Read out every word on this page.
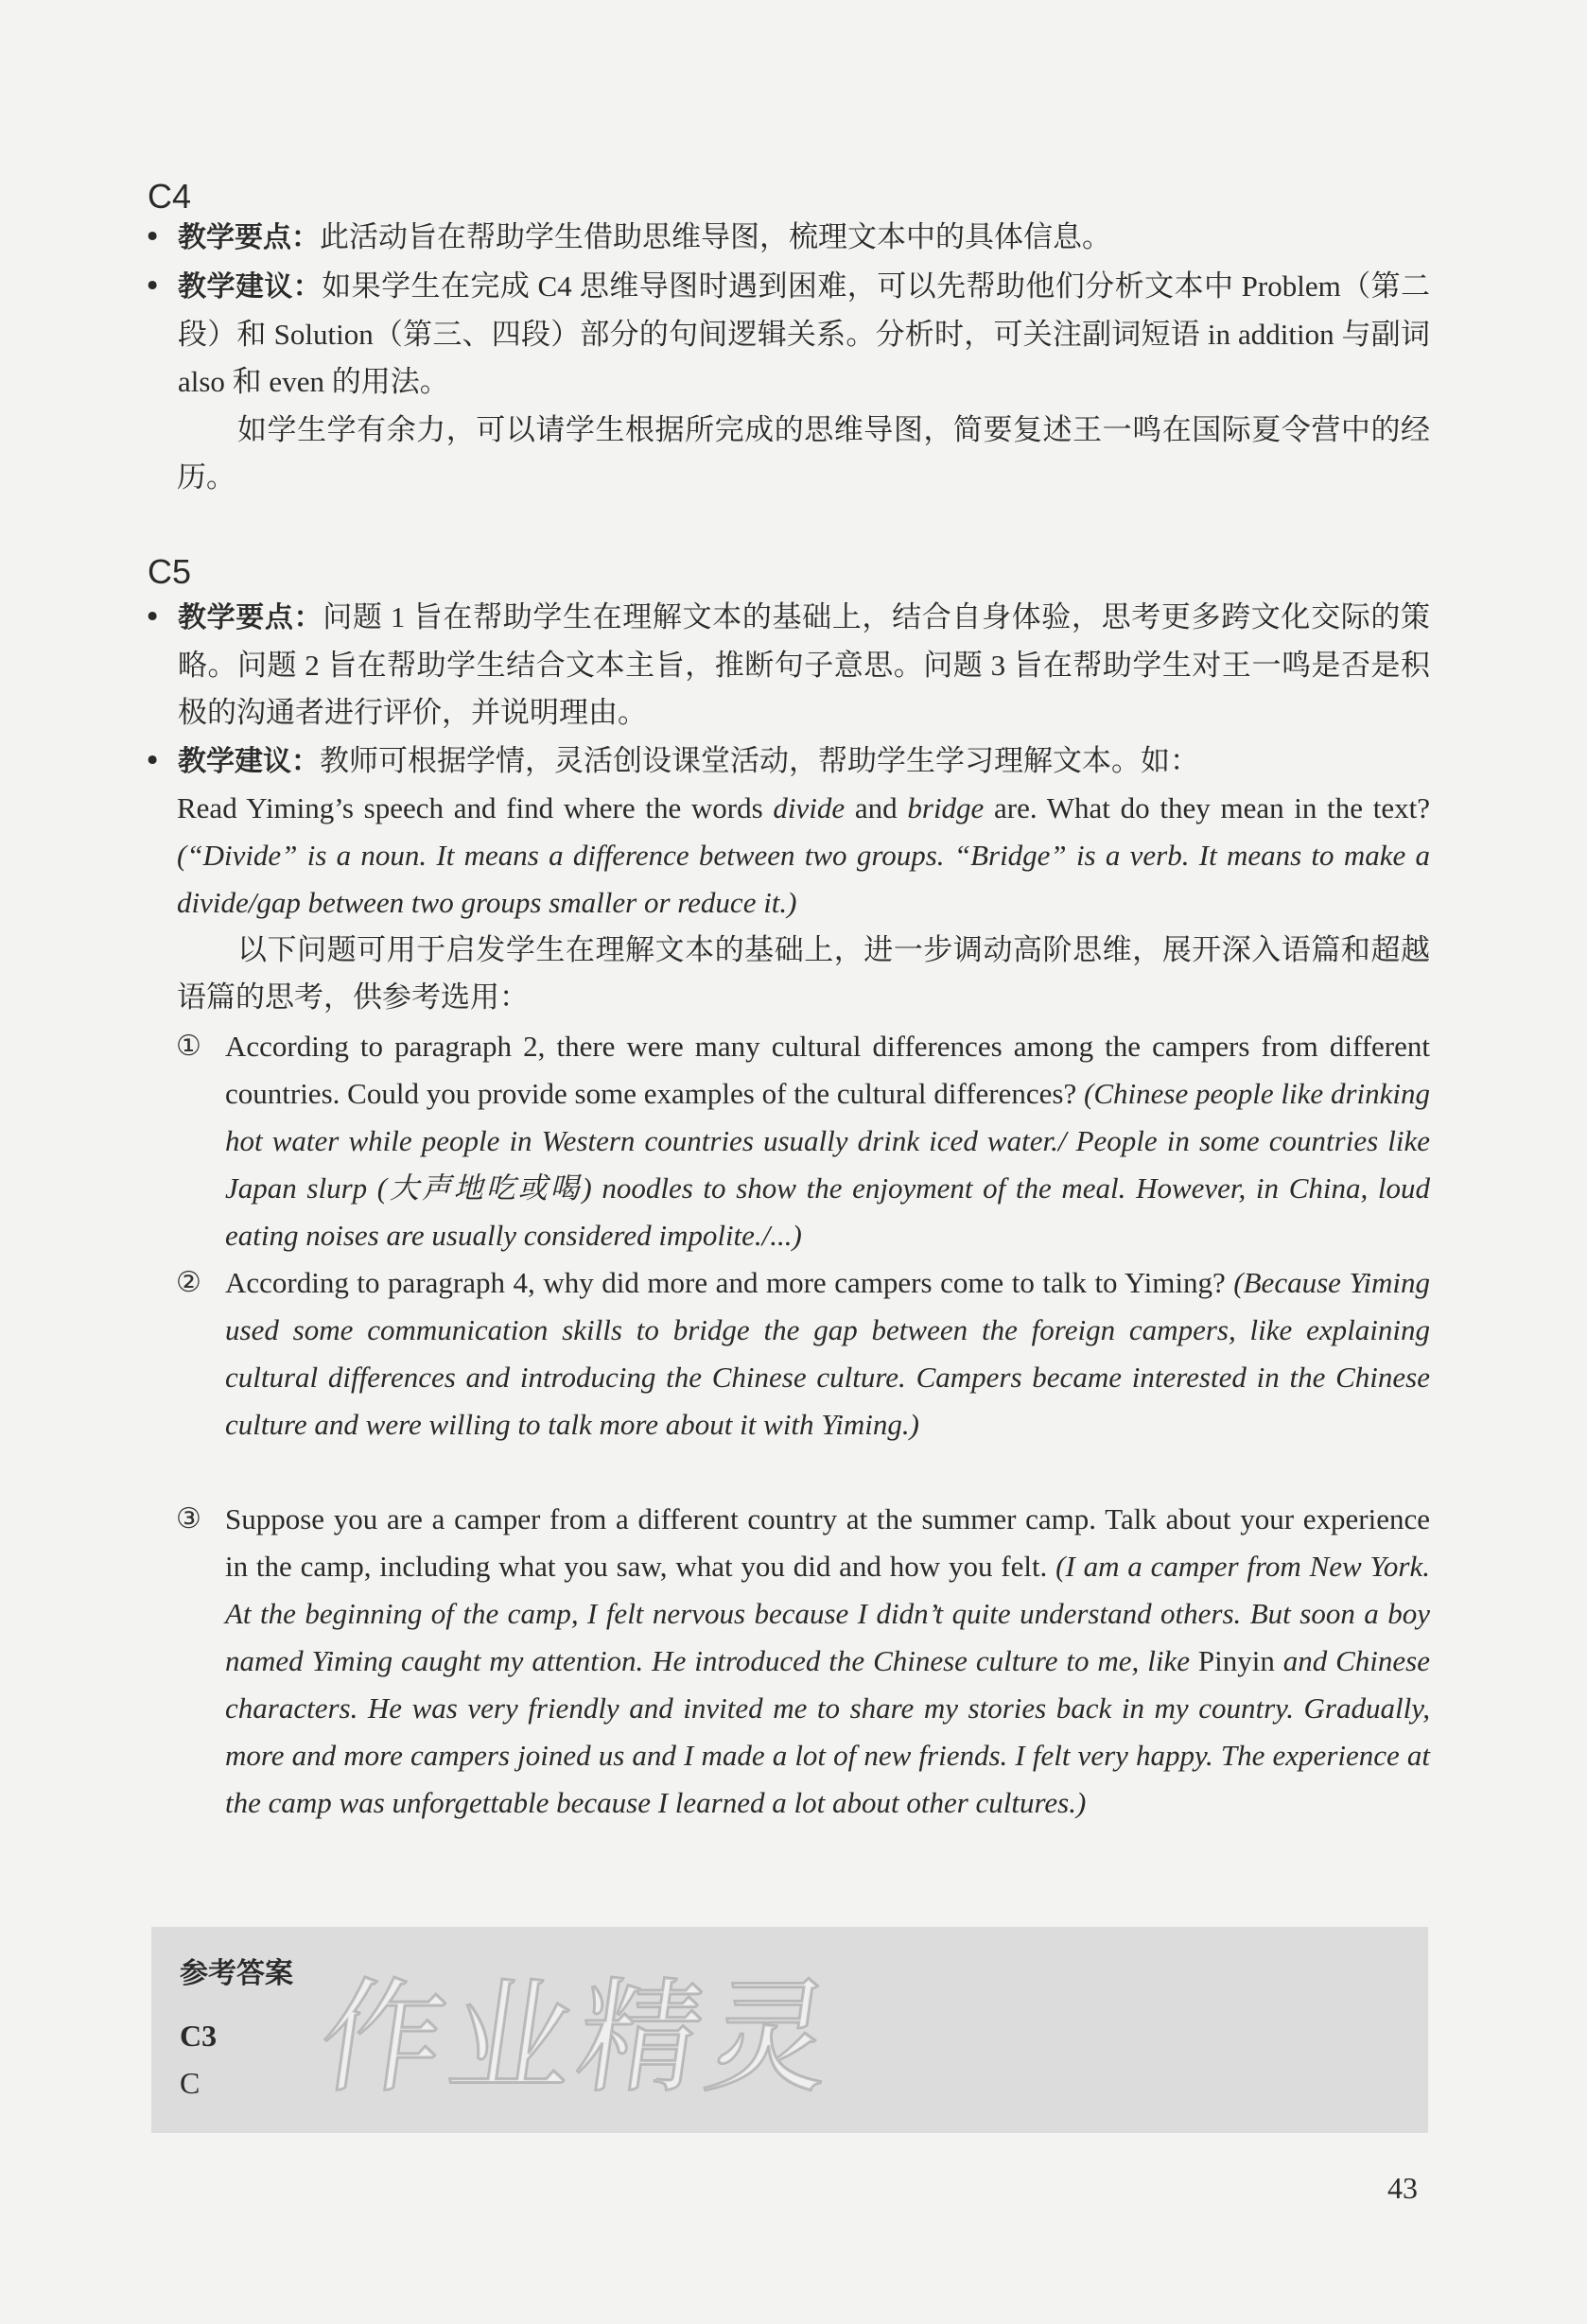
C4
• 教学要点：此活动旨在帮助学生借助思维导图，梳理文本中的具体信息。
• 教学建议：如果学生在完成 C4 思维导图时遇到困难，可以先帮助他们分析文本中 Problem（第二段）和 Solution（第三、四段）部分的句间逻辑关系。分析时，可关注副词短语 in addition 与副词 also 和 even 的用法。
如学生学有余力，可以请学生根据所完成的思维导图，简要复述王一鸣在国际夏令营中的经历。
C5
• 教学要点：问题 1 旨在帮助学生在理解文本的基础上，结合自身体验，思考更多跨文化交际的策略。问题 2 旨在帮助学生结合文本主旨，推断句子意思。问题 3 旨在帮助学生对王一鸣是否是积极的沟通者进行评价，并说明理由。
• 教学建议：教师可根据学情，灵活创设课堂活动，帮助学生学习理解文本。如：
Read Yiming’s speech and find where the words divide and bridge are. What do they mean in the text? (“Divide” is a noun. It means a difference between two groups. “Bridge” is a verb. It means to make a divide/gap between two groups smaller or reduce it.)
以下问题可用于启发学生在理解文本的基础上，进一步调动高阶思维，展开深入语篇和超越语篇的思考，供参考选用：
① According to paragraph 2, there were many cultural differences among the campers from different countries. Could you provide some examples of the cultural differences? (Chinese people like drinking hot water while people in Western countries usually drink iced water./ People in some countries like Japan slurp (大声地吃或喝) noodles to show the enjoyment of the meal. However, in China, loud eating noises are usually considered impolite./...)
② According to paragraph 4, why did more and more campers come to talk to Yiming? (Because Yiming used some communication skills to bridge the gap between the foreign campers, like explaining cultural differences and introducing the Chinese culture. Campers became interested in the Chinese culture and were willing to talk more about it with Yiming.)
③ Suppose you are a camper from a different country at the summer camp. Talk about your experience in the camp, including what you saw, what you did and how you felt. (I am a camper from New York. At the beginning of the camp, I felt nervous because I didn’t quite understand others. But soon a boy named Yiming caught my attention. He introduced the Chinese culture to me, like Pinyin and Chinese characters. He was very friendly and invited me to share my stories back in my country. Gradually, more and more campers joined us and I made a lot of new friends. I felt very happy. The experience at the camp was unforgettable because I learned a lot about other cultures.)
参考答案
C3
C 作业精灵
43
